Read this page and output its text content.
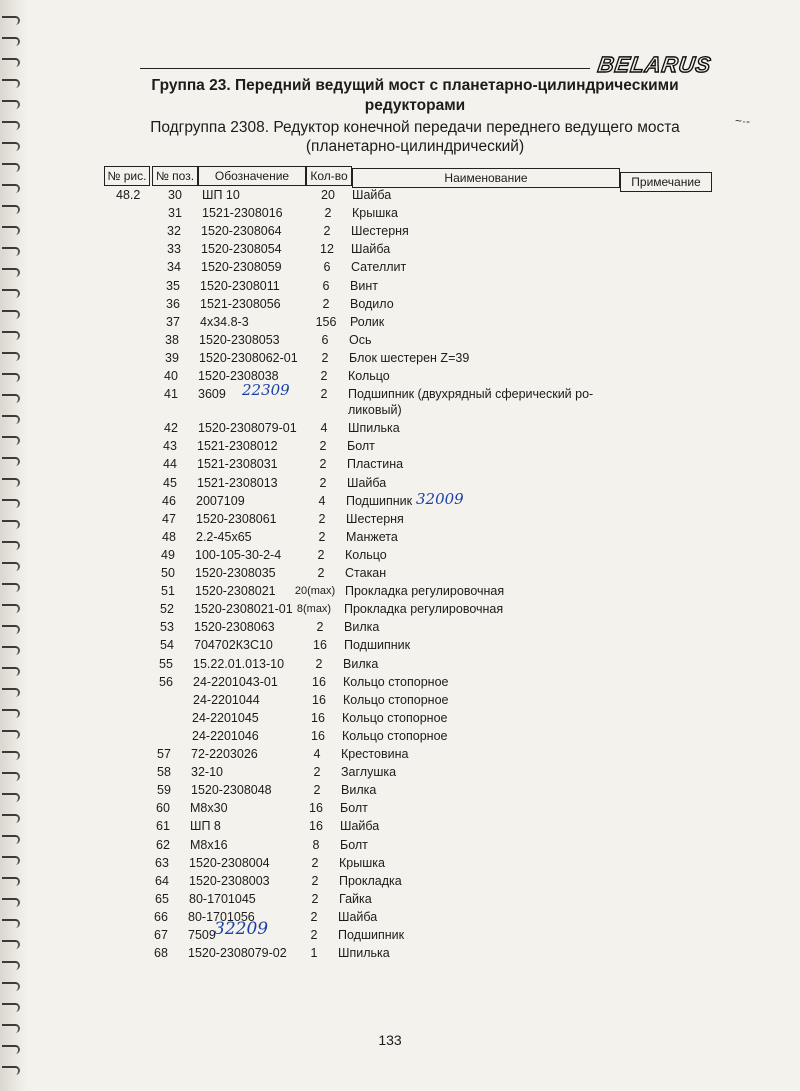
BELARUS
Группа 23. Передний ведущий мост с планетарно-цилиндрическими редукторами
Подгруппа 2308. Редуктор конечной передачи переднего ведущего моста (планетарно-цилиндрический)
№ рис. № поз.	Обозначение	Кол-во	Наименование	Примечание
48.2	30	ШП 10	20	Шайба
31	1521-2308016	2	Крышка
32	1520-2308064	2	Шестерня
33	1520-2308054	12	Шайба
34	1520-2308059	6	Сателлит
35	1520-2308011	6	Винт
36	1521-2308056	2	Водило
37	4x34.8-3	156	Ролик
38	1520-2308053	6	Ось
39	1520-2308062-01	2	Блок шестерен Z=39
40	1520-2308038	2	Кольцо
41	3609	2	Подшипник (двухрядный сферический ро-
ликовый)
22309
42	1520-2308079-01	4	Шпилька
43	1521-2308012	2	Болт
44	1521-2308031	2	Пластина
45	1521-2308013	2	Шайба
46	2007109	4	Подшипник 32009
47	1520-2308061	2	Шестерня
48	2.2-45x65	2	Манжета
49	100-105-30-2-4	2	Кольцо
50	1520-2308035	2	Стакан
51	1520-2308021 20(max) Прокладка регулировочная
52	1520-2308021-01 8(max)	Прокладка регулировочная
53	1520-2308063	2	Вилка
54	704702К3С10	16	Подшипник
55	15.22.01.013-10	2	Вилка
56	24-2201043-01	16	Кольцо стопорное
24-2201044	16	Кольцо стопорное
24-2201045	16	Кольцо стопорное
24-2201046	16	Кольцо стопорное
57	72-2203026	4	Крестовина
58	32-10	2	Заглушка
59	1520-2308048	2	Вилка
60	М8x30	16	Болт
61	ШП 8	16	Шайба
62	М8x16	8	Болт
63	1520-2308004	2	Крышка
64	1520-2308003	2	Прокладка
65	80-1701045	2	Гайка
66	80-1701056	2	Шайба
67	7509	2	Подшипник
32209
68	1520-2308079-02	1	Шпилька
~·-
133
